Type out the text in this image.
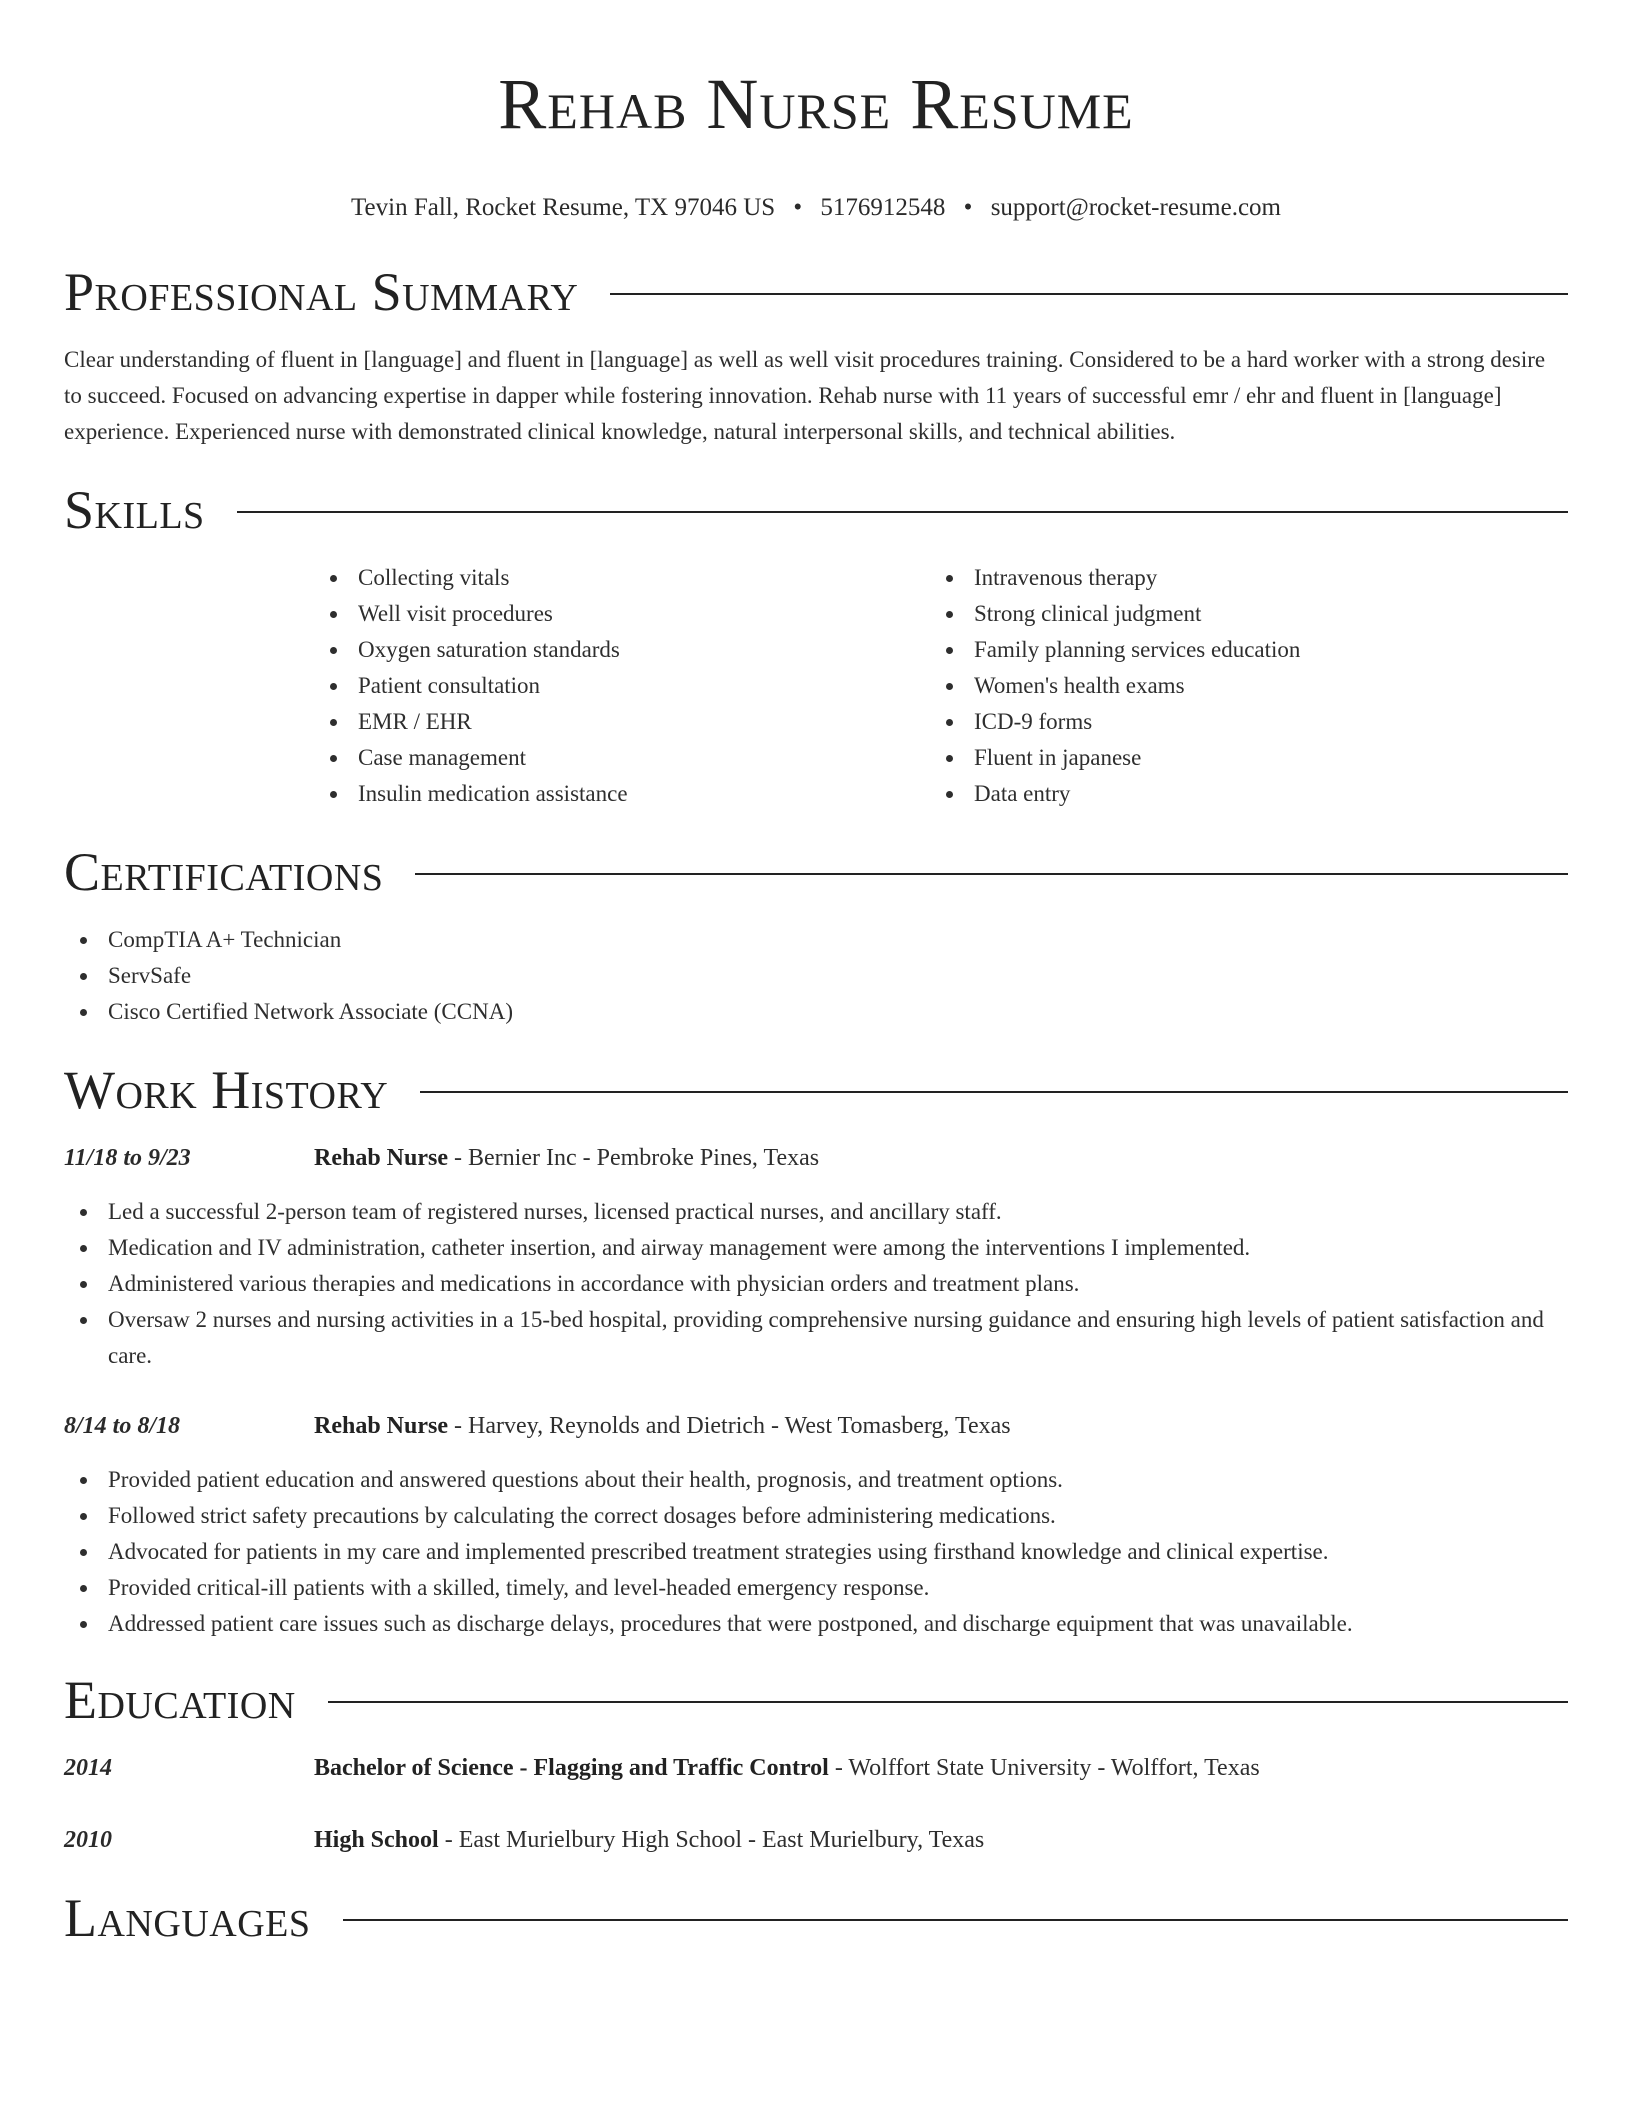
Rehab Nurse Resume
Tevin Fall, Rocket Resume, TX 97046 US • 5176912548 • support@rocket-resume.com
Professional Summary

Clear understanding of fluent in [language] and fluent in [language] as well as well visit procedures training. Considered to be a hard worker with a strong desire to succeed. Focused on advancing expertise in dapper while fostering innovation. Rehab nurse with 11 years of successful emr / ehr and fluent in [language] experience. Experienced nurse with demonstrated clinical knowledge, natural interpersonal skills, and technical abilities.

Skills
Collecting vitals
Well visit procedures
Oxygen saturation standards
Patient consultation
EMR / EHR
Case management
Insulin medication assistance
Intravenous therapy
Strong clinical judgment
Family planning services education
Women's health exams
ICD-9 forms
Fluent in japanese
Data entry
Certifications
CompTIA A+ Technician
ServSafe
Cisco Certified Network Associate (CCNA)
Work History
11/18 to 9/23	Rehab Nurse - Bernier Inc - Pembroke Pines, Texas
Led a successful 2-person team of registered nurses, licensed practical nurses, and ancillary staff.
Medication and IV administration, catheter insertion, and airway management were among the interventions I implemented.
Administered various therapies and medications in accordance with physician orders and treatment plans.
Oversaw 2 nurses and nursing activities in a 15-bed hospital, providing comprehensive nursing guidance and ensuring high levels of patient satisfaction and care.
8/14 to 8/18	Rehab Nurse - Harvey, Reynolds and Dietrich - West Tomasberg, Texas
Provided patient education and answered questions about their health, prognosis, and treatment options.
Followed strict safety precautions by calculating the correct dosages before administering medications.
Advocated for patients in my care and implemented prescribed treatment strategies using firsthand knowledge and clinical expertise.
Provided critical-ill patients with a skilled, timely, and level-headed emergency response.
Addressed patient care issues such as discharge delays, procedures that were postponed, and discharge equipment that was unavailable.
Education
2014	Bachelor of Science - Flagging and Traffic Control - Wolffort State University - Wolffort, Texas
2010	High School - East Murielbury High School - East Murielbury, Texas
Languages
